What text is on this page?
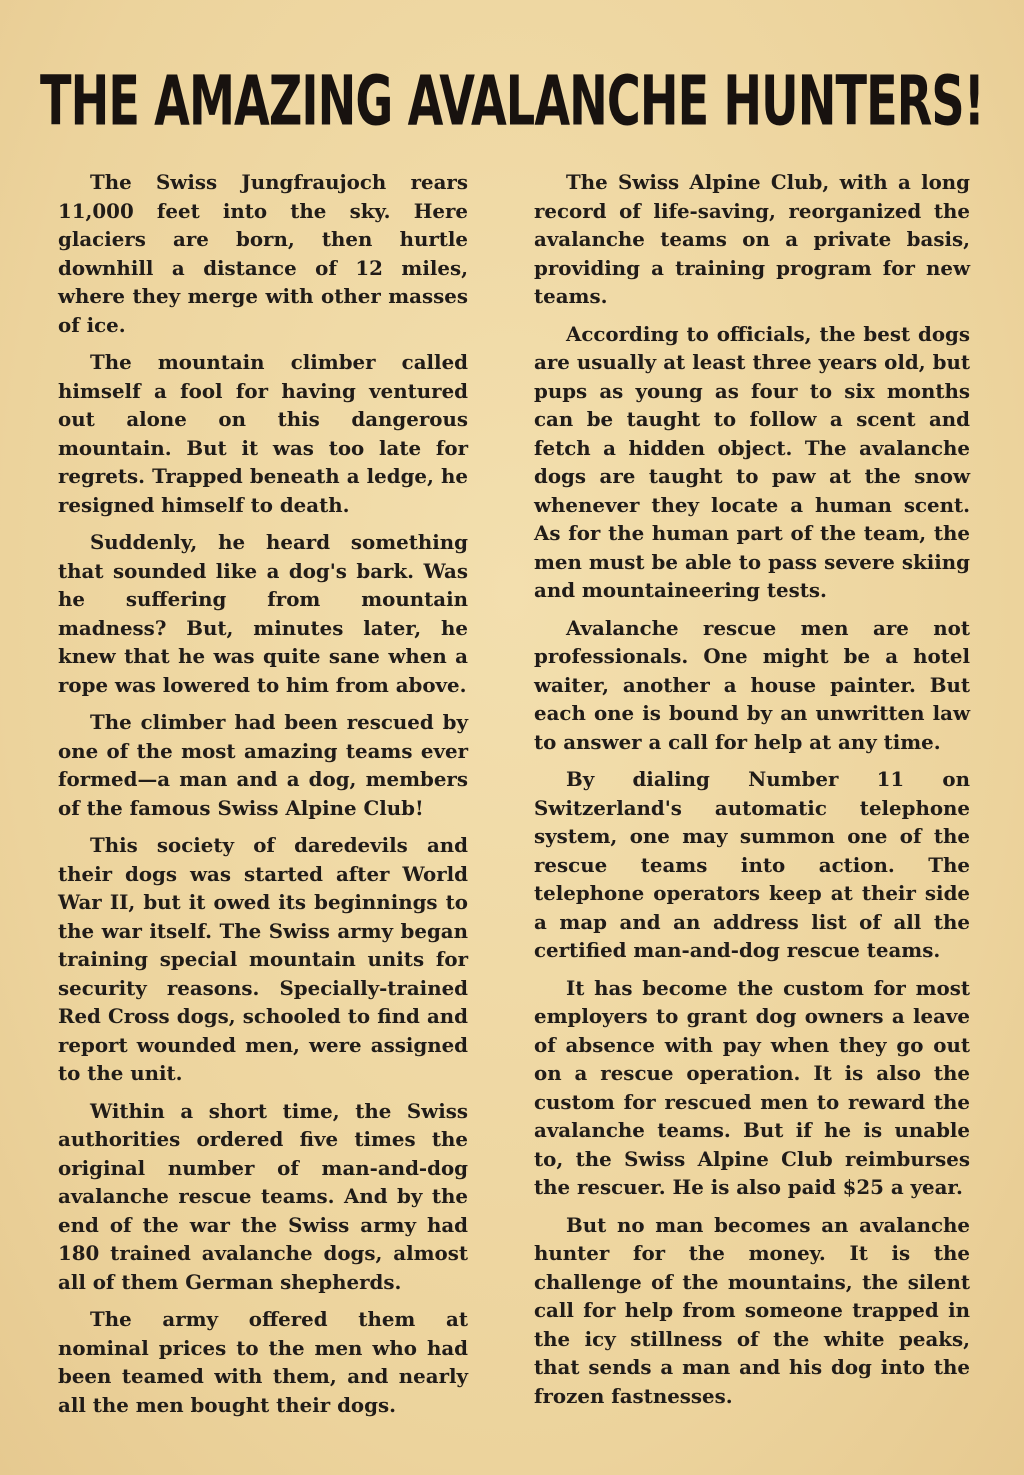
THE AMAZING AVALANCHE HUNTERS!

The Swiss Jungfraujoch rears 11,000 feet into the sky. Here glaciers are born, then hurtle downhill a distance of 12 miles, where they merge with other masses of ice.

The mountain climber called himself a fool for having ventured out alone on this dangerous mountain. But it was too late for regrets. Trapped beneath a ledge, he resigned himself to death.

Suddenly, he heard something that sounded like a dog's bark. Was he suffering from mountain madness? But, minutes later, he knew that he was quite sane when a rope was lowered to him from above.

The climber had been rescued by one of the most amazing teams ever formed—a man and a dog, members of the famous Swiss Alpine Club!

This society of daredevils and their dogs was started after World War II, but it owed its beginnings to the war itself. The Swiss army began training special mountain units for security reasons. Specially-trained Red Cross dogs, schooled to find and report wounded men, were assigned to the unit.

Within a short time, the Swiss authorities ordered five times the original number of man-and-dog avalanche rescue teams. And by the end of the war the Swiss army had 180 trained avalanche dogs, almost all of them German shepherds.

The army offered them at nominal prices to the men who had been teamed with them, and nearly all the men bought their dogs.

The Swiss Alpine Club, with a long record of life-saving, reorganized the avalanche teams on a private basis, providing a training program for new teams.

According to officials, the best dogs are usually at least three years old, but pups as young as four to six months can be taught to follow a scent and fetch a hidden object. The avalanche dogs are taught to paw at the snow whenever they locate a human scent. As for the human part of the team, the men must be able to pass severe skiing and mountaineering tests.

Avalanche rescue men are not professionals. One might be a hotel waiter, another a house painter. But each one is bound by an unwritten law to answer a call for help at any time.

By dialing Number 11 on Switzerland's automatic telephone system, one may summon one of the rescue teams into action. The telephone operators keep at their side a map and an address list of all the certified man-and-dog rescue teams.

It has become the custom for most employers to grant dog owners a leave of absence with pay when they go out on a rescue operation. It is also the custom for rescued men to reward the avalanche teams. But if he is unable to, the Swiss Alpine Club reimburses the rescuer. He is also paid $25 a year.

But no man becomes an avalanche hunter for the money. It is the challenge of the mountains, the silent call for help from someone trapped in the icy stillness of the white peaks, that sends a man and his dog into the frozen fastnesses.
